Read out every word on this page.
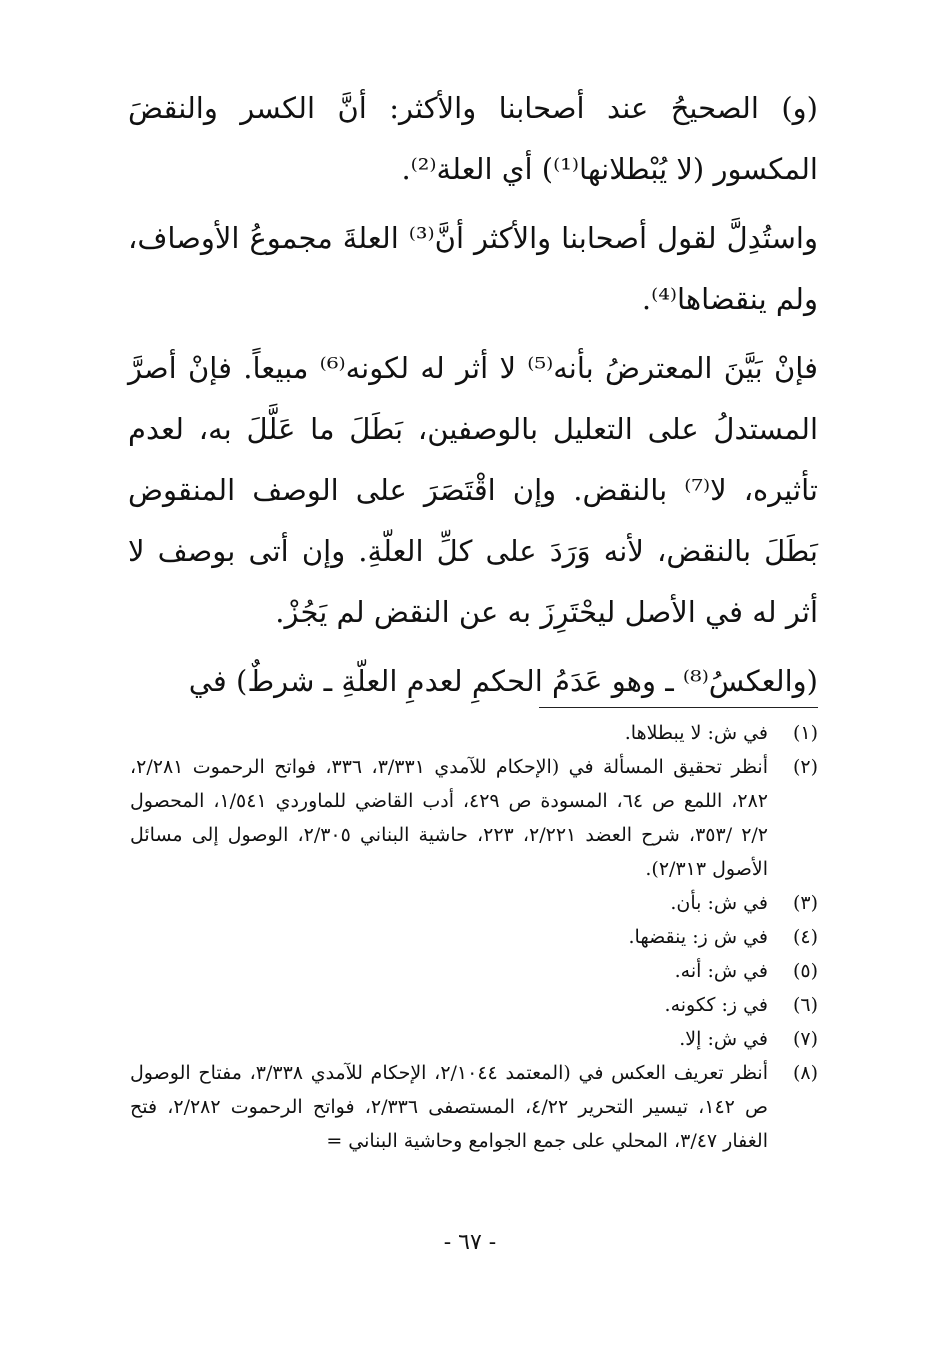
(و) الصحيحُ عند أصحابنا والأكثر: أنَّ الكسر والنقضَ المكسور (لا يُبْطلانها⁽¹⁾) أي العلة⁽²⁾.

واستُدِلَّ لقول أصحابنا والأكثر أنَّ⁽³⁾ العلةَ مجموعُ الأوصاف، ولم ينقضاها⁽⁴⁾.

فإنْ بَيَّنَ المعترضُ بأنه⁽⁵⁾ لا أثر له لكونه⁽⁶⁾ مبيعاً. فإنْ أصرَّ المستدلُ على التعليل بالوصفين، بَطَلَ ما عَلَّلَ به، لعدم تأثيره، لا⁽⁷⁾ بالنقض. وإن اقْتَصَرَ على الوصف المنقوض بَطَلَ بالنقض، لأنه وَرَدَ على كلِّ العلّةِ. وإن أتى بوصف لا أثر له في الأصل ليحْتَرِزَ به عن النقض لم يَجُزْ.

(والعكسُ⁽⁸⁾ ـ وهو عَدَمُ الحكمِ لعدمِ العلّةِ ـ شرطٌ) في

(١)
في ش: لا يبطلاها.
(٢)
أنظر تحقيق المسألة في (الإحكام للآمدي ٣/٣٣١، ٣٣٦، فواتح الرحموت ٢/٢٨١، ٢٨٢، اللمع ص ٦٤، المسودة ص ٤٢٩، أدب القاضي للماوردي ١/٥٤١، المحصول ٢/٢ /٣٥٣، شرح العضد ٢/٢٢١، ٢٢٣، حاشية البناني ٢/٣٠٥، الوصول إلى مسائل الأصول ٢/٣١٣).
(٣)
في ش: بأن.
(٤)
في ش ز: ينقضها.
(٥)
في ش: أنه.
(٦)
في ز: ككونه.
(٧)
في ش: إلا.
(٨)
أنظر تعريف العكس في (المعتمد ٢/١٠٤٤، الإحكام للآمدي ٣/٣٣٨، مفتاح الوصول ص ١٤٢، تيسير التحرير ٤/٢٢، المستصفى ٢/٣٣٦، فواتح الرحموت ٢/٢٨٢، فتح الغفار ٣/٤٧، المحلي على جمع الجوامع وحاشية البناني =
- ٦٧ -
